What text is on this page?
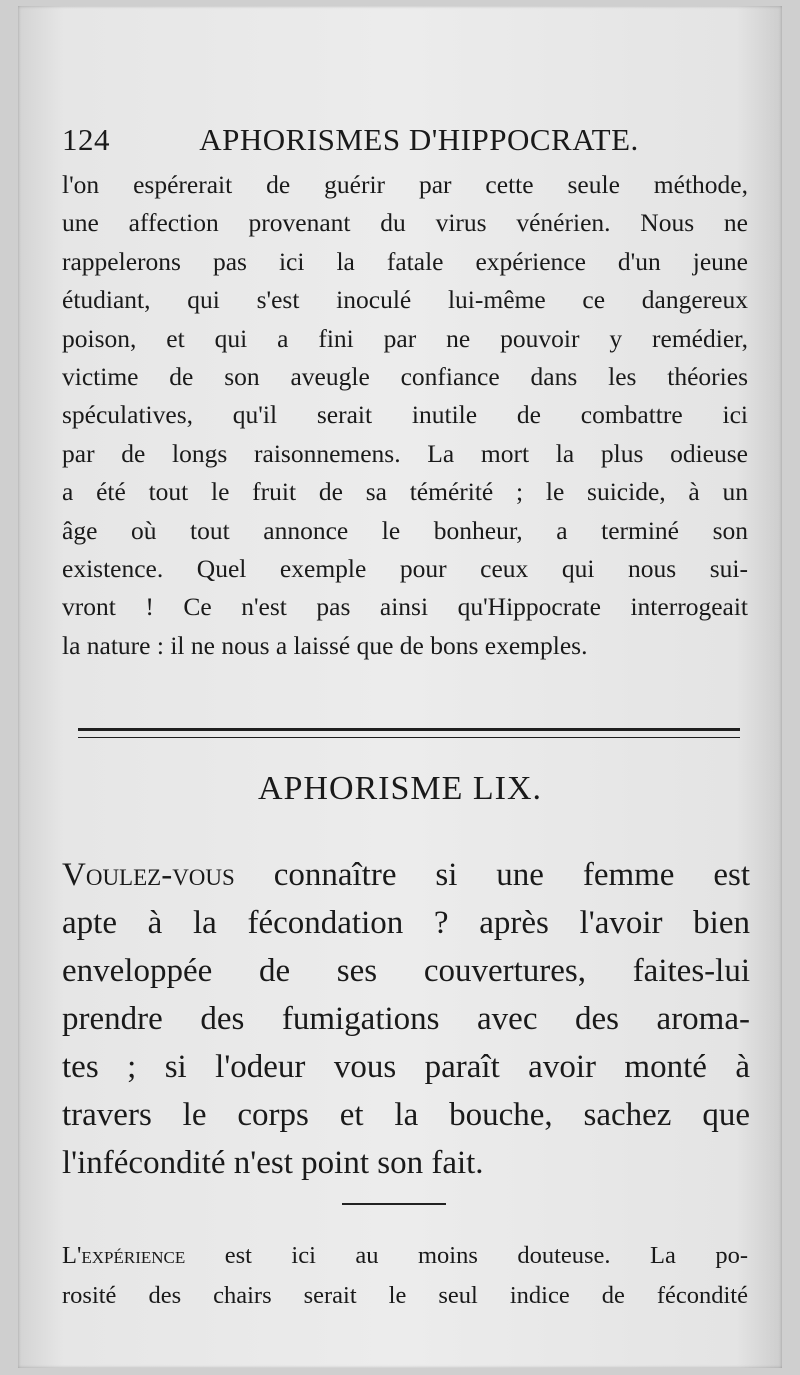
124	APHORISMES D'HIPPOCRATE.

l'on espérerait de guérir par cette seule méthode,
une affection provenant du virus vénérien. Nous ne
rappelerons pas ici la fatale expérience d'un jeune
étudiant, qui s'est inoculé lui-même ce dangereux
poison, et qui a fini par ne pouvoir y remédier,
victime de son aveugle confiance dans les théories
spéculatives, qu'il serait inutile de combattre ici
par de longs raisonnemens. La mort la plus odieuse
a été tout le fruit de sa témérité ; le suicide, à un
âge où tout annonce le bonheur, a terminé son
existence. Quel exemple pour ceux qui nous sui-
vront ! Ce n'est pas ainsi qu'Hippocrate interrogeait
la nature : il ne nous a laissé que de bons exemples.

APHORISME LIX.
Voulez-vous connaître si une femme est
apte à la fécondation ? après l'avoir bien
enveloppée de ses couvertures, faites-lui
prendre des fumigations avec des aroma-
tes ; si l'odeur vous paraît avoir monté à
travers le corps et la bouche, sachez que
l'infécondité n'est point son fait.
L'expérience est ici au moins douteuse. La po-
rosité des chairs serait le seul indice de fécondité
